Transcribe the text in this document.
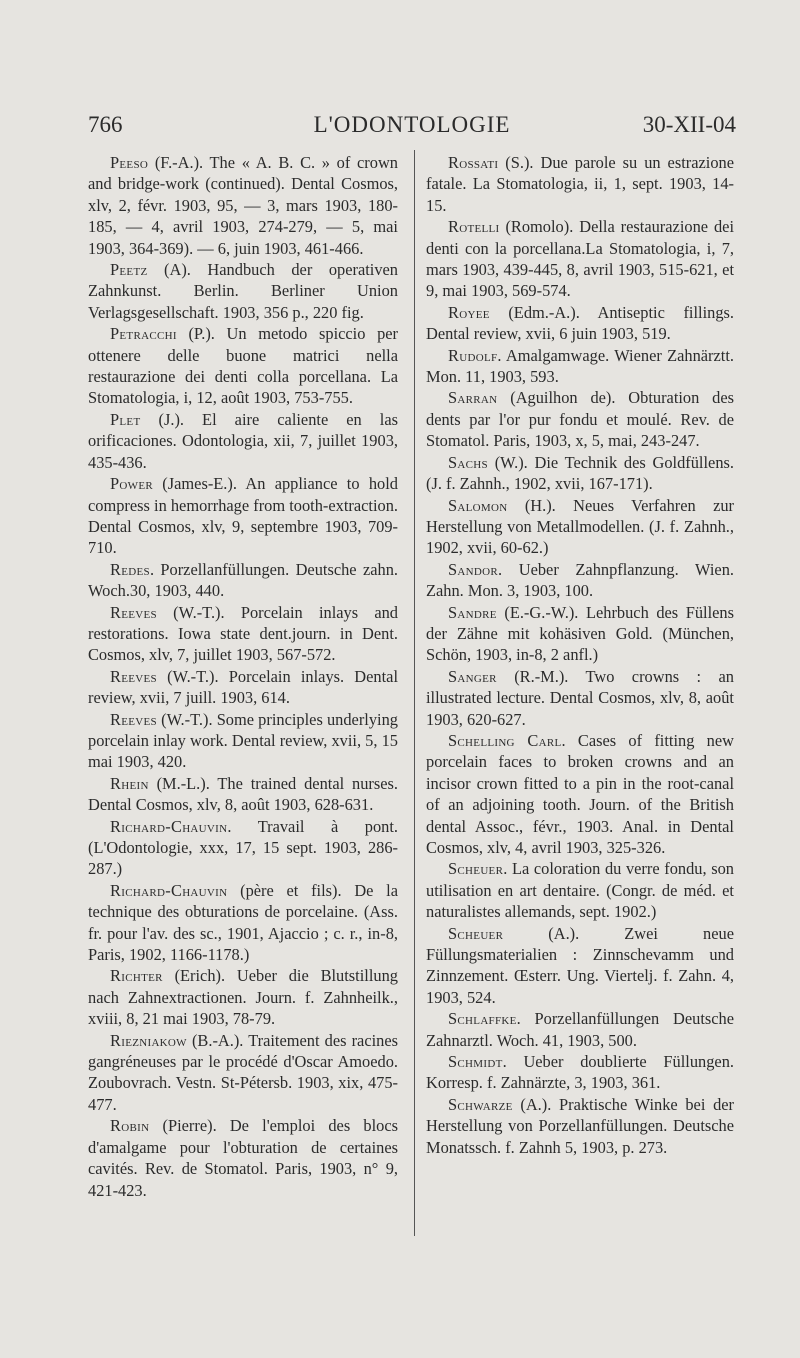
766	L'ODONTOLOGIE	30-XII-04

Peeso (F.-A.). The « A. B. C. » of crown and bridge-work (continued). Dental Cosmos, xlv, 2, févr. 1903, 95, — 3, mars 1903, 180-185, — 4, avril 1903, 274-279, — 5, mai 1903, 364-369). — 6, juin 1903, 461-466.

Peetz (A). Handbuch der operativen Zahnkunst. Berlin. Berliner Union Verlagsgesellschaft. 1903, 356 p., 220 fig.

Petracchi (P.). Un metodo spiccio per ottenere delle buone matrici nella restaurazione dei denti colla porcellana. La Stomatologia, i, 12, août 1903, 753-755.

Plet (J.). El aire caliente en las orificaciones. Odontologia, xii, 7, juillet 1903, 435-436.

Power (James-E.). An appliance to hold compress in hemorrhage from tooth-extraction. Dental Cosmos, xlv, 9, septembre 1903, 709-710.

Redes. Porzellanfüllungen. Deutsche zahn. Woch.30, 1903, 440.

Reeves (W.-T.). Porcelain inlays and restorations. Iowa state dent.journ. in Dent. Cosmos, xlv, 7, juillet 1903, 567-572.

Reeves (W.-T.). Porcelain inlays. Dental review, xvii, 7 juill. 1903, 614.

Reeves (W.-T.). Some principles underlying porcelain inlay work. Dental review, xvii, 5, 15 mai 1903, 420.

Rhein (M.-L.). The trained dental nurses. Dental Cosmos, xlv, 8, août 1903, 628-631.

Richard-Chauvin. Travail à pont. (L'Odontologie, xxx, 17, 15 sept. 1903, 286-287.)

Richard-Chauvin (père et fils). De la technique des obturations de porcelaine. (Ass. fr. pour l'av. des sc., 1901, Ajaccio ; c. r., in-8, Paris, 1902, 1166-1178.)

Richter (Erich). Ueber die Blutstillung nach Zahnextractionen. Journ. f. Zahnheilk., xviii, 8, 21 mai 1903, 78-79.

Riezniakow (B.-A.). Traitement des racines gangréneuses par le procédé d'Oscar Amoedo. Zoubovrach. Vestn. St-Pétersb. 1903, xix, 475-477.

Robin (Pierre). De l'emploi des blocs d'amalgame pour l'obturation de certaines cavités. Rev. de Stomatol. Paris, 1903, n° 9, 421-423.

Rossati (S.). Due parole su un estrazione fatale. La Stomatologia, ii, 1, sept. 1903, 14-15.

Rotelli (Romolo). Della restaurazione dei denti con la porcellana.La Stomatologia, i, 7, mars 1903, 439-445, 8, avril 1903, 515-621, et 9, mai 1903, 569-574.

Royee (Edm.-A.). Antiseptic fillings. Dental review, xvii, 6 juin 1903, 519.

Rudolf. Amalgamwage. Wiener Zahnärztt. Mon. 11, 1903, 593.

Sarran (Aguilhon de). Obturation des dents par l'or pur fondu et moulé. Rev. de Stomatol. Paris, 1903, x, 5, mai, 243-247.

Sachs (W.). Die Technik des Goldfüllens. (J. f. Zahnh., 1902, xvii, 167-171).

Salomon (H.). Neues Verfahren zur Herstellung von Metallmodellen. (J. f. Zahnh., 1902, xvii, 60-62.)

Sandor. Ueber Zahnpflanzung. Wien. Zahn. Mon. 3, 1903, 100.

Sandre (E.-G.-W.). Lehrbuch des Füllens der Zähne mit kohäsiven Gold. (München, Schön, 1903, in-8, 2 anfl.)

Sanger (R.-M.). Two crowns : an illustrated lecture. Dental Cosmos, xlv, 8, août 1903, 620-627.

Schelling Carl. Cases of fitting new porcelain faces to broken crowns and an incisor crown fitted to a pin in the root-canal of an adjoining tooth. Journ. of the British dental Assoc., févr., 1903. Anal. in Dental Cosmos, xlv, 4, avril 1903, 325-326.

Scheuer. La coloration du verre fondu, son utilisation en art dentaire. (Congr. de méd. et naturalistes allemands, sept. 1902.)

Scheuer (A.). Zwei neue Füllungsmaterialien : Zinnschevamm und Zinnzement. Œsterr. Ung. Viertelj. f. Zahn. 4, 1903, 524.

Schlaffke. Porzellanfüllungen Deutsche Zahnarztl. Woch. 41, 1903, 500.

Schmidt. Ueber doublierte Füllungen. Korresp. f. Zahnärzte, 3, 1903, 361.

Schwarze (A.). Praktische Winke bei der Herstellung von Porzellanfüllungen. Deutsche Monatssch. f. Zahnh 5, 1903, p. 273.
